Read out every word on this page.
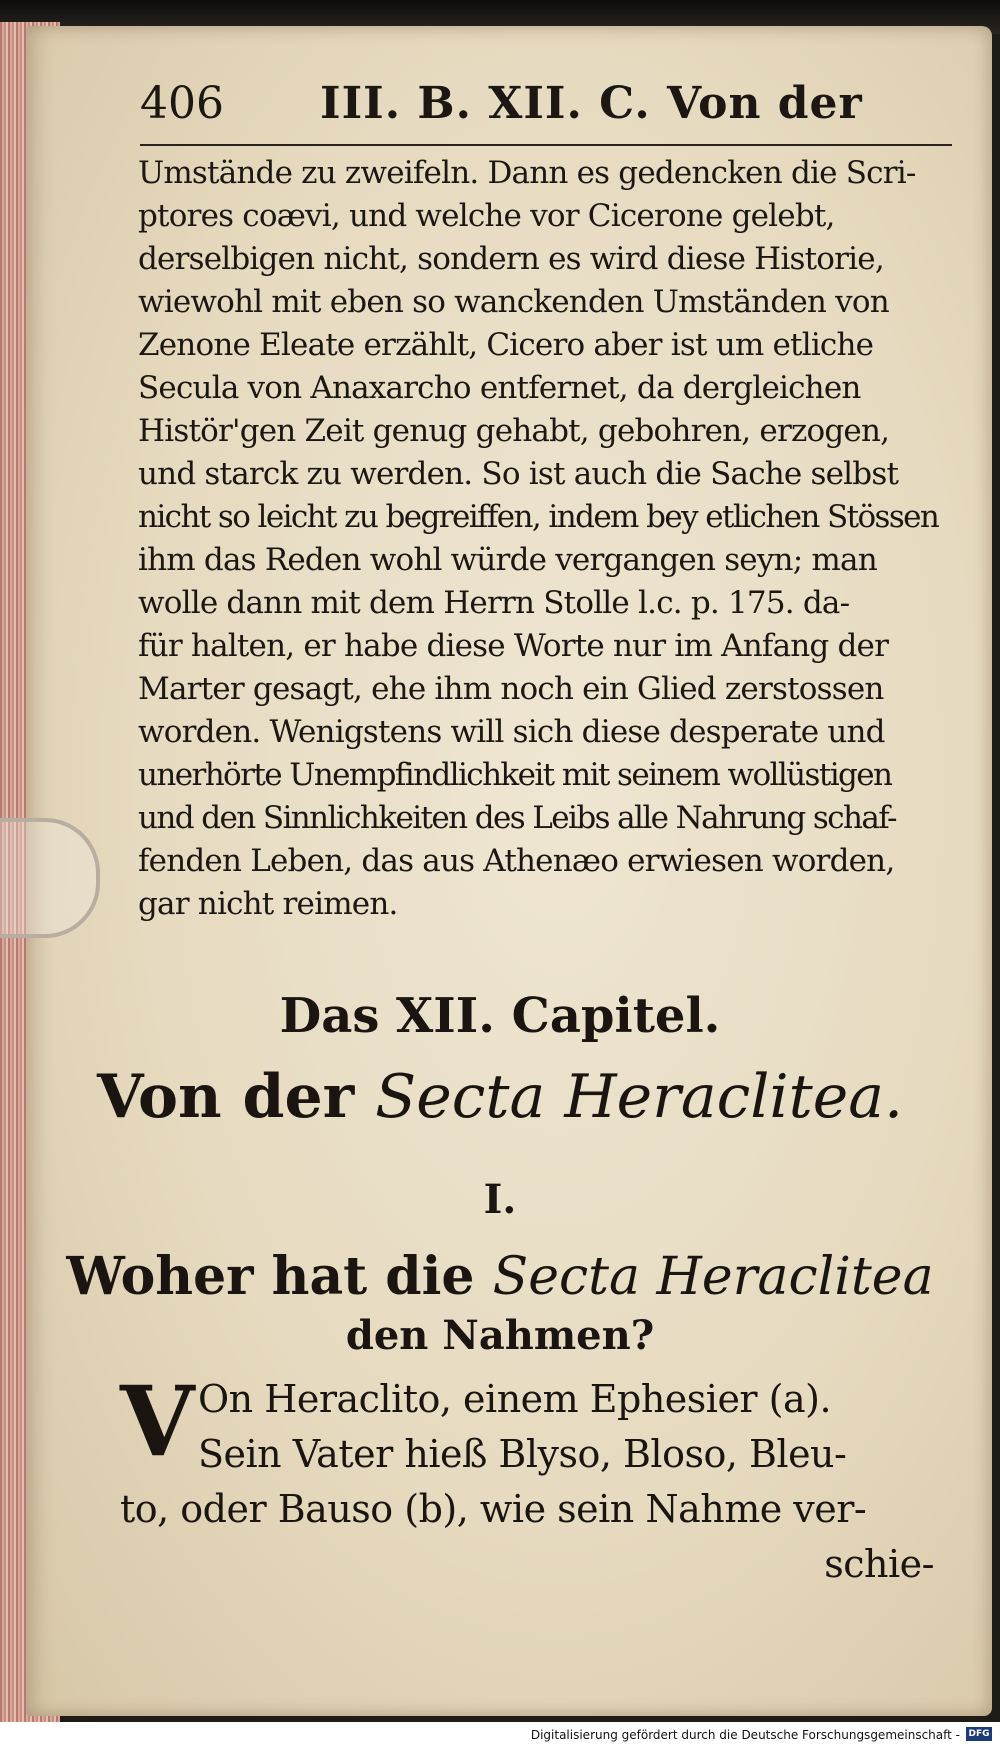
406 III. B. XII. C. Von der
Umstände zu zweifeln. Dann es gedencken die Scri-
ptores coævi, und welche vor Cicerone gelebt,
derselbigen nicht, sondern es wird diese Historie,
wiewohl mit eben so wanckenden Umständen von
Zenone Eleate erzählt, Cicero aber ist um etliche
Secula von Anaxarcho entfernet, da dergleichen
Histör'gen Zeit genug gehabt, gebohren, erzogen,
und starck zu werden. So ist auch die Sache selbst
nicht so leicht zu begreiffen, indem bey etlichen Stössen
ihm das Reden wohl würde vergangen seyn; man
wolle dann mit dem Herrn Stolle l.c. p. 175. da-
für halten, er habe diese Worte nur im Anfang der
Marter gesagt, ehe ihm noch ein Glied zerstossen
worden. Wenigstens will sich diese desperate und
unerhörte Unempfindlichkeit mit seinem wollüstigen
und den Sinnlichkeiten des Leibs alle Nahrung schaf-
fenden Leben, das aus Athenæo erwiesen worden,
gar nicht reimen.
Das XII. Capitel.
Von der Secta Heraclitea.
I.
Woher hat die Secta Heraclitea
den Nahmen?
V On Heraclito, einem Ephesier (a).
Sein Vater hieß Blyso, Bloso, Bleu-
to, oder Bauso (b), wie sein Nahme ver-
schie-
Digitalisierung gefördert durch die Deutsche Forschungsgemeinschaft - DFG
